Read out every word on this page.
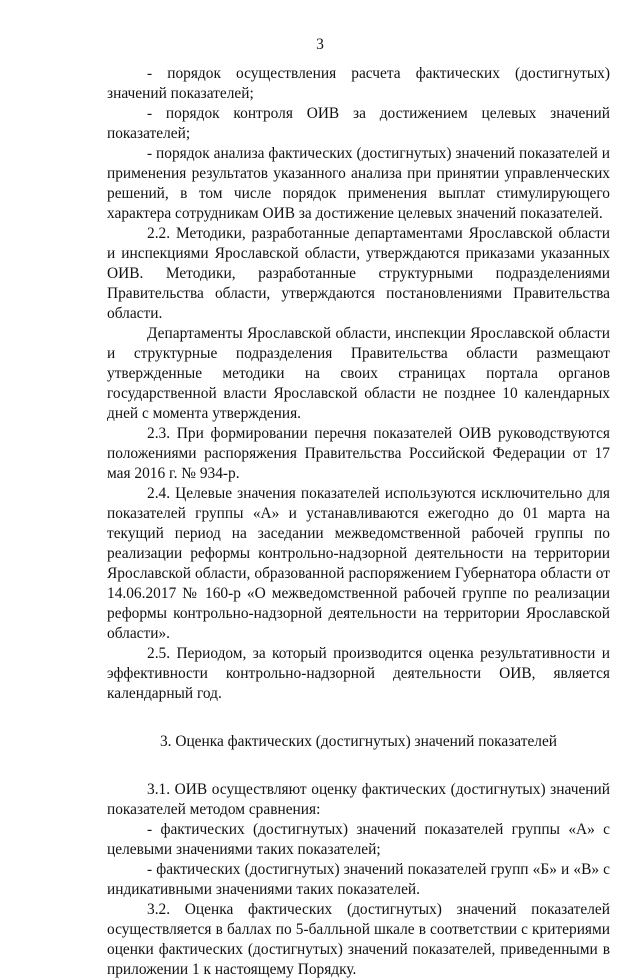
3

- порядок осуществления расчета фактических (достигнутых) значений показателей;

- порядок контроля ОИВ за достижением целевых значений показателей;

- порядок анализа фактических (достигнутых) значений показателей и применения результатов указанного анализа при принятии управленческих решений, в том числе порядок применения выплат стимулирующего характера сотрудникам ОИВ за достижение целевых значений показателей.

2.2. Методики, разработанные департаментами Ярославской области и инспекциями Ярославской области, утверждаются приказами указанных ОИВ. Методики, разработанные структурными подразделениями Правительства области, утверждаются постановлениями Правительства области.

Департаменты Ярославской области, инспекции Ярославской области и структурные подразделения Правительства области размещают утвержденные методики на своих страницах портала органов государственной власти Ярославской области не позднее 10 календарных дней с момента утверждения.

2.3. При формировании перечня показателей ОИВ руководствуются положениями распоряжения Правительства Российской Федерации от 17 мая 2016 г. № 934-р.

2.4. Целевые значения показателей используются исключительно для показателей группы «А» и устанавливаются ежегодно до 01 марта на текущий период на заседании межведомственной рабочей группы по реализации реформы контрольно-надзорной деятельности на территории Ярославской области, образованной распоряжением Губернатора области от 14.06.2017 № 160-р «О межведомственной рабочей группе по реализации реформы контрольно-надзорной деятельности на территории Ярославской области».

2.5. Периодом, за который производится оценка результативности и эффективности контрольно-надзорной деятельности ОИВ, является календарный год.

3. Оценка фактических (достигнутых) значений показателей

3.1. ОИВ осуществляют оценку фактических (достигнутых) значений показателей методом сравнения:

- фактических (достигнутых) значений показателей группы «А» с целевыми значениями таких показателей;

- фактических (достигнутых) значений показателей групп «Б» и «В» с индикативными значениями таких показателей.

3.2. Оценка фактических (достигнутых) значений показателей осуществляется в баллах по 5-балльной шкале в соответствии с критериями оценки фактических (достигнутых) значений показателей, приведенными в приложении 1 к настоящему Порядку.
